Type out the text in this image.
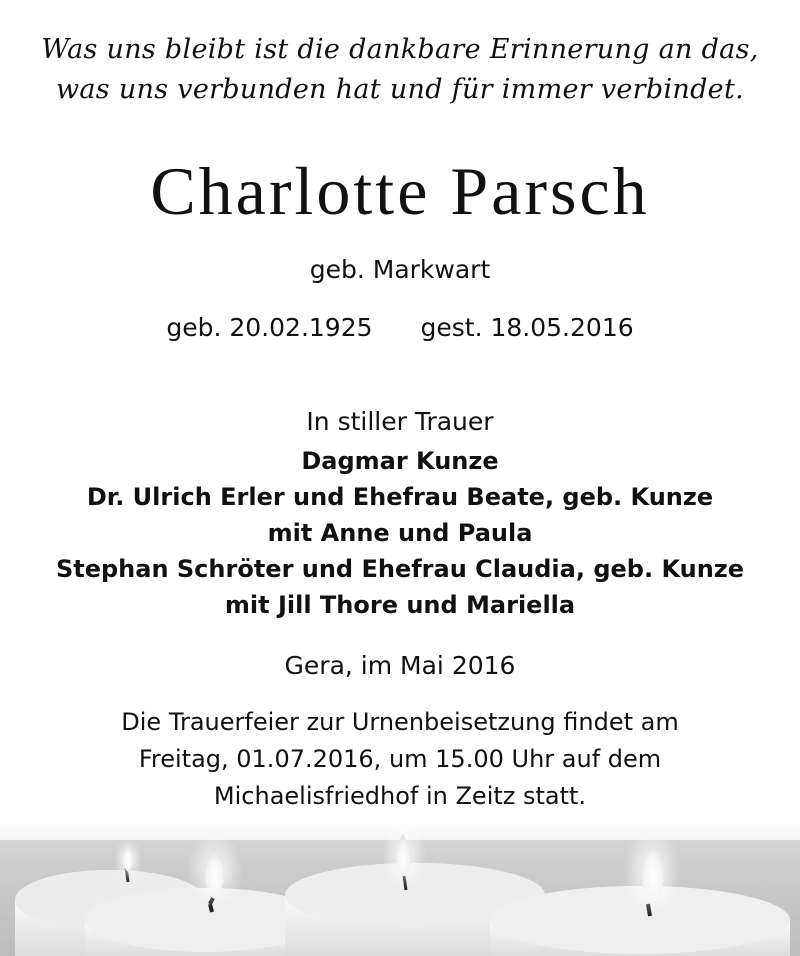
Was uns bleibt ist die dankbare Erinnerung an das,
was uns verbunden hat und für immer verbindet.
Charlotte Parsch
geb. Markwart
geb. 20.02.1925 gest. 18.05.2016
In stiller Trauer
Dagmar Kunze
Dr. Ulrich Erler und Ehefrau Beate, geb. Kunze
mit Anne und Paula
Stephan Schröter und Ehefrau Claudia, geb. Kunze
mit Jill Thore und Mariella
Gera, im Mai 2016
Die Trauerfeier zur Urnenbeisetzung findet am
Freitag, 01.07.2016, um 15.00 Uhr auf dem
Michaelisfriedhof in Zeitz statt.
